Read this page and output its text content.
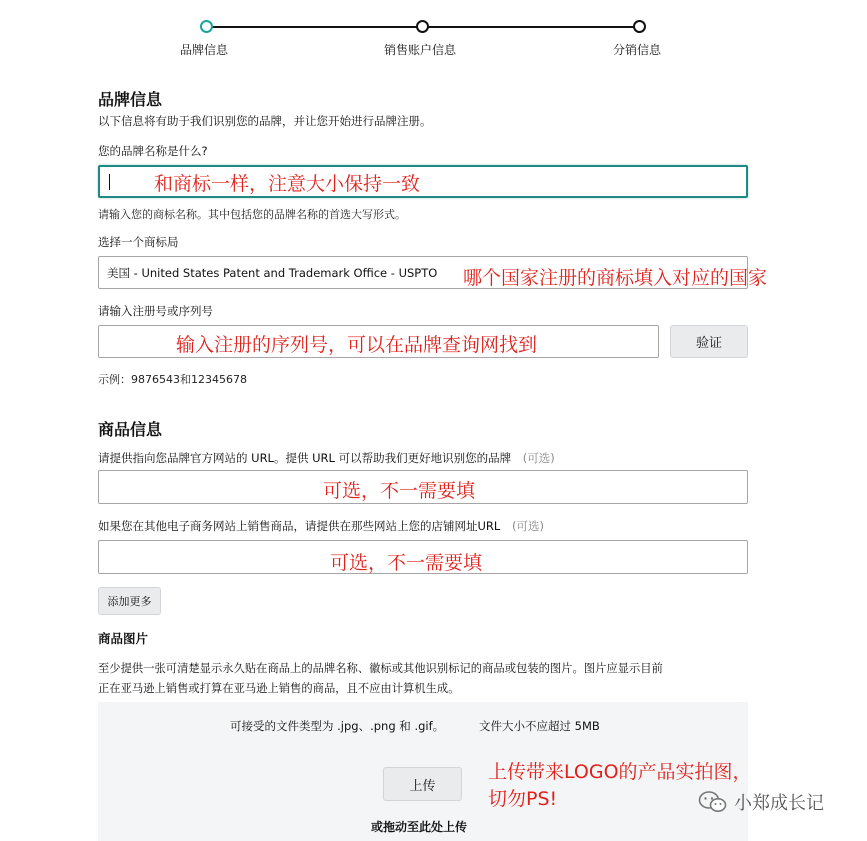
品牌信息	销售账户信息	分销信息
品牌信息
以下信息将有助于我们识别您的品牌，并让您开始进行品牌注册。
您的品牌名称是什么?
和商标一样，注意大小保持一致
请输入您的商标名称。其中包括您的品牌名称的首选大写形式。
选择一个商标局
美国 - United States Patent and Trademark Office - USPTO 哪个国家注册的商标填入对应的国家
请输入注册号或序列号
输入注册的序列号，可以在品牌查询网找到	验证
示例：9876543和12345678
商品信息
请提供指向您品牌官方网站的 URL。提供 URL 可以帮助我们更好地识别您的品牌 (可选)
可选，不一需要填
如果您在其他电子商务网站上销售商品，请提供在那些网站上您的店铺网址URL (可选)
可选，不一需要填
添加更多
商品图片
至少提供一张可清楚显示永久贴在商品上的品牌名称、徽标或其他识别标记的商品或包装的图片。图片应显示目前
正在亚马逊上销售或打算在亚马逊上销售的商品，且不应由计算机生成。
可接受的文件类型为 .jpg、.png 和 .gif。	文件大小不应超过 5MB
上传
或拖动至此处上传
上传带来LOGO的产品实拍图，
切勿PS!	小郑成长记
